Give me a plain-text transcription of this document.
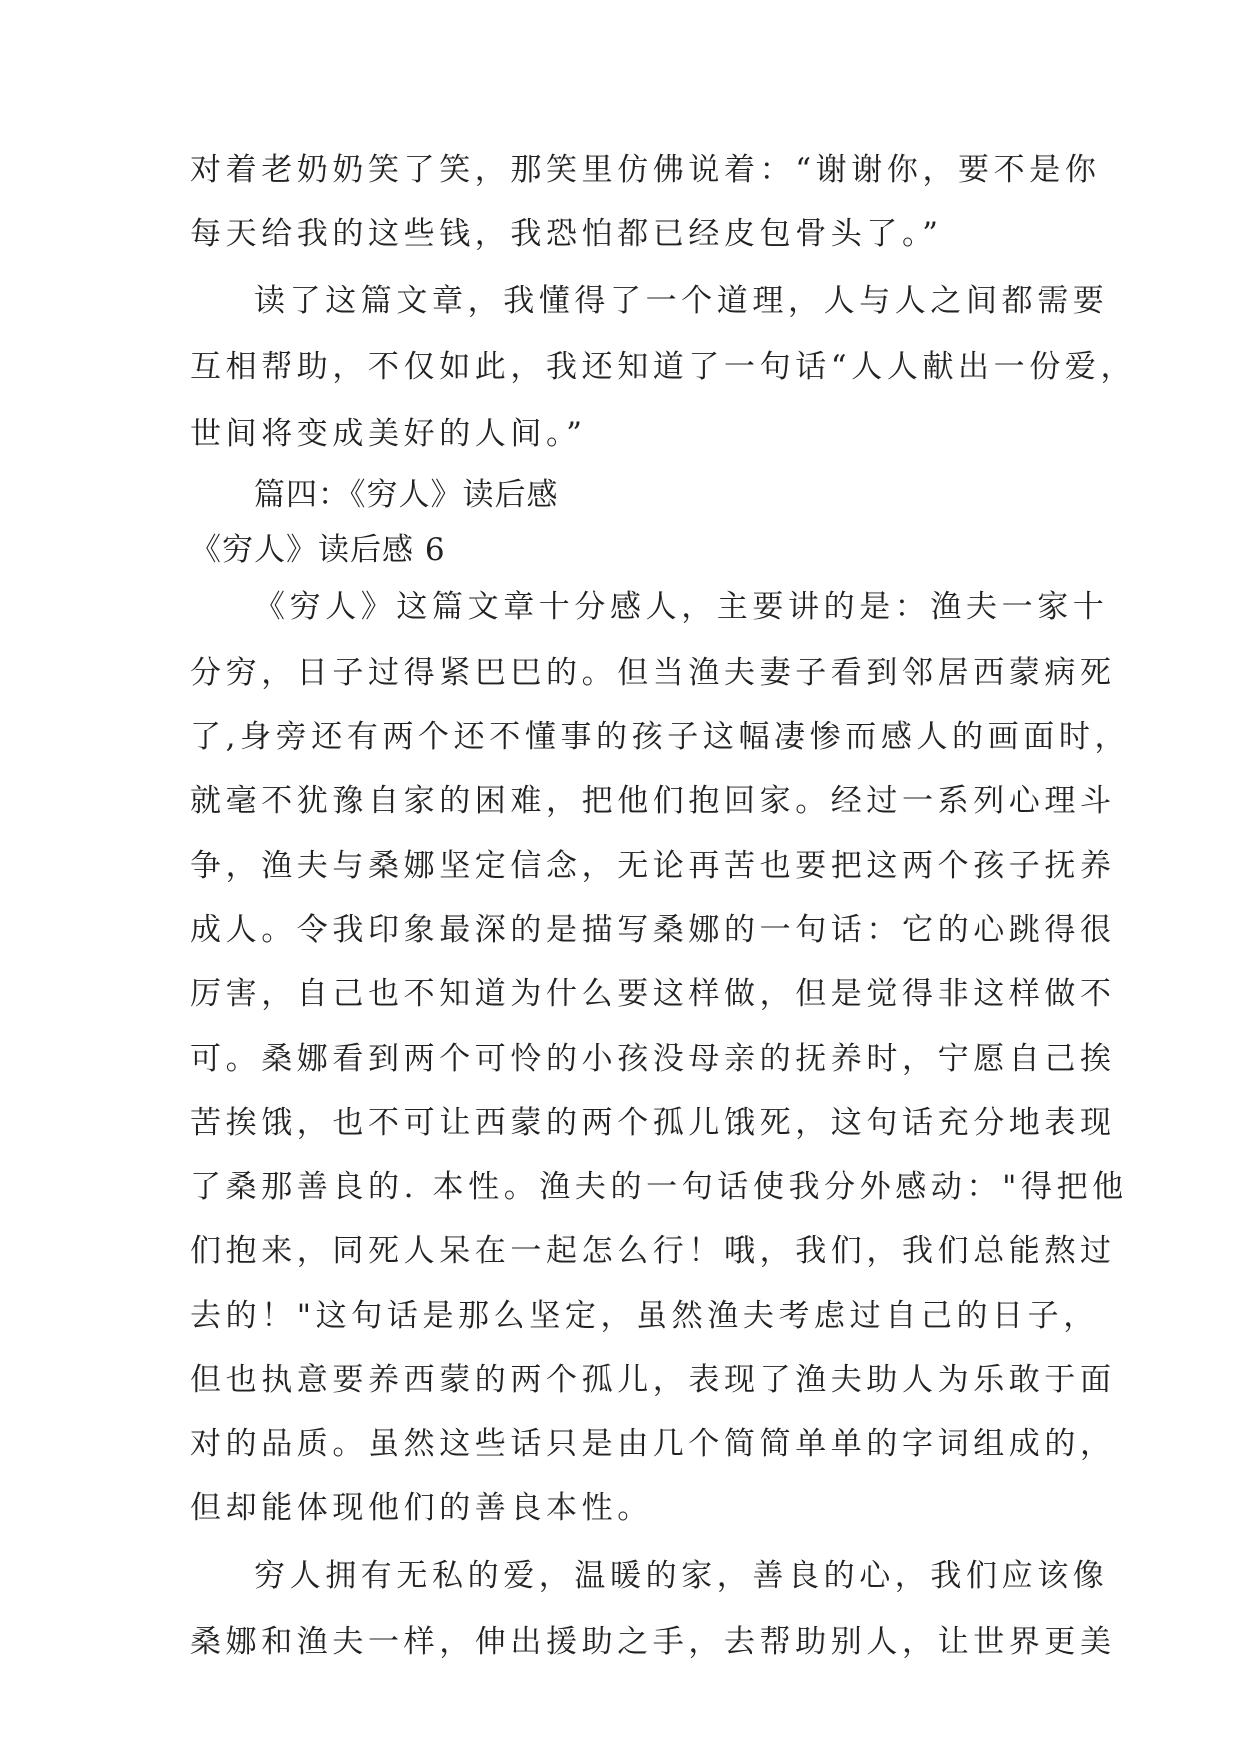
对着老奶奶笑了笑，那笑里仿佛说着：“谢谢你，要不是你
每天给我的这些钱，我恐怕都已经皮包骨头了。”
读了这篇文章，我懂得了一个道理，人与人之间都需要
互相帮助，不仅如此，我还知道了一句话“人人献出一份爱，
世间将变成美好的人间。”
篇四：《穷人》读后感
《穷人》读后感 6
《穷人》这篇文章十分感人，主要讲的是：渔夫一家十
分穷，日子过得紧巴巴的。但当渔夫妻子看到邻居西蒙病死
了,身旁还有两个还不懂事的孩子这幅凄惨而感人的画面时，
就毫不犹豫自家的困难，把他们抱回家。经过一系列心理斗
争，渔夫与桑娜坚定信念，无论再苦也要把这两个孩子抚养
成人。令我印象最深的是描写桑娜的一句话：它的心跳得很
厉害，自己也不知道为什么要这样做，但是觉得非这样做不
可。桑娜看到两个可怜的小孩没母亲的抚养时，宁愿自己挨
苦挨饿，也不可让西蒙的两个孤儿饿死，这句话充分地表现
了桑那善良的. 本性。渔夫的一句话使我分外感动："得把他
们抱来，同死人呆在一起怎么行！哦，我们，我们总能熬过
去的！"这句话是那么坚定，虽然渔夫考虑过自己的日子，
但也执意要养西蒙的两个孤儿，表现了渔夫助人为乐敢于面
对的品质。虽然这些话只是由几个简简单单的字词组成的，
但却能体现他们的善良本性。
穷人拥有无私的爱，温暖的家，善良的心，我们应该像
桑娜和渔夫一样，伸出援助之手，去帮助别人，让世界更美
